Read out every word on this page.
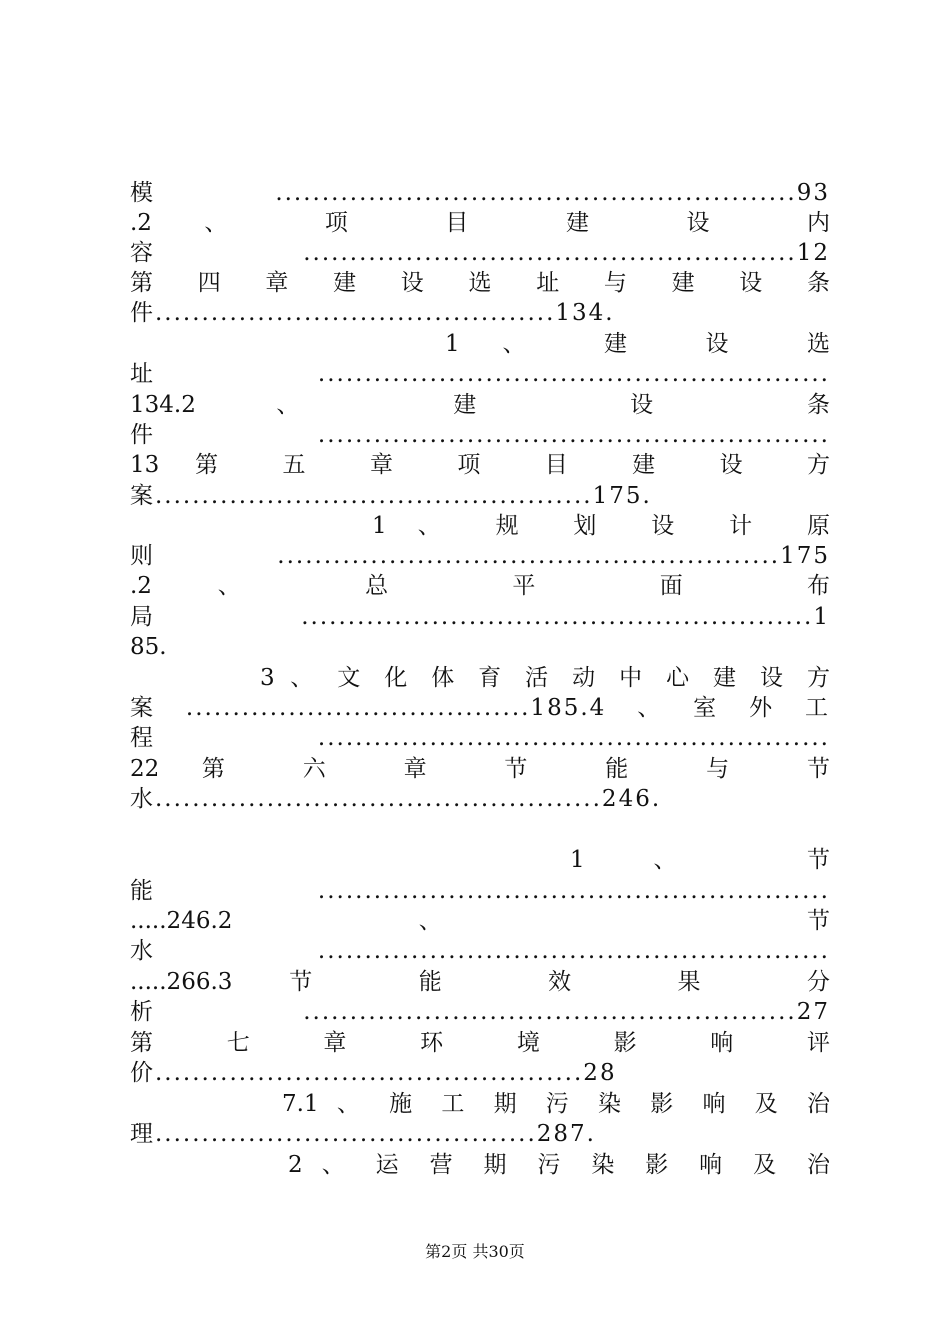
模........................................................93
.2 、 项 目 建 设 内
容 .....................................................12
第 四 章 建 设 选 址 与 建 设 条
件...........................................134.
1 、 建 设 选
址.......................................................
134.2 、 建 设 条
件.......................................................
13 第 五 章 项 目 建 设 方
案...............................................175.
1 、 规 划 设 计 原
则......................................................175
.2 、 总 平 面 布
局.......................................................1
85.
3 、 文 化 体 育 活 动 中 心 建 设 方
案.....................................185.4、室外工
程.......................................................
22 第 六 章 节 能 与 节
水................................................246.
1 、 节
能.......................................................
.....246.2 、 节
水.......................................................
.....266.3 节 能 效 果 分
析.....................................................27
第 七 章 环 境 影 响 评
价..............................................28
7.1 、 施 工 期 污 染 影 响 及 治
理.........................................287.
2 、 运 营 期 污 染 影 响 及 治
第2页 共30页
